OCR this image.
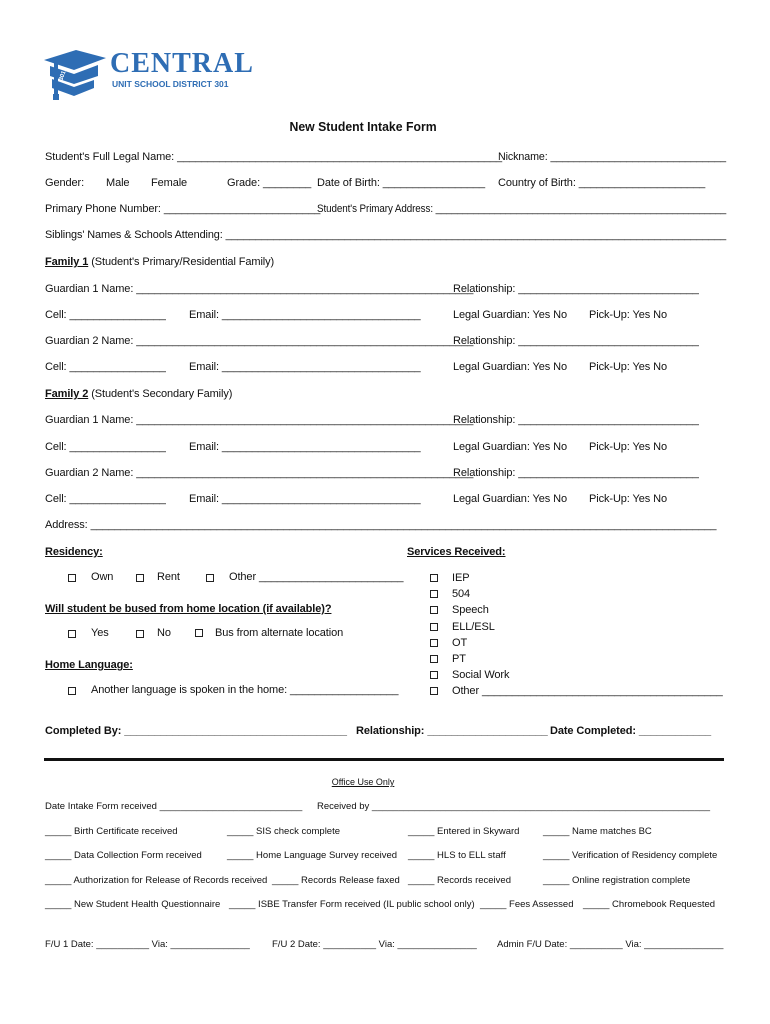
301 CENTRAL
UNIT SCHOOL DISTRICT 301
New Student Intake Form
Student's Full Legal Name: ______________________________________________________
Nickname: ______________________________
Gender: Male Female	Grade: ________ Date of Birth: _________________ Country of Birth: _____________________
Primary Phone Number: __________________________
Student's Primary Address: ______________________________________________________
Siblings' Names & Schools Attending: ____________________________________________________________________________________
Family 1 (Student's Primary/Residential Family)
Guardian 1 Name: ________________________________________________________
Relationship: ______________________________
Cell: ________________ Email: _________________________________	Legal Guardian: Yes No Pick-Up: Yes No
Guardian 2 Name: ________________________________________________________
Relationship: ______________________________
Cell: ________________ Email: _________________________________	Legal Guardian: Yes No Pick-Up: Yes No
Family 2 (Student's Secondary Family)
Guardian 1 Name: ________________________________________________________
Relationship: ______________________________
Cell: ________________ Email: _________________________________	Legal Guardian: Yes No Pick-Up: Yes No
Guardian 2 Name: ________________________________________________________
Relationship: ______________________________
Cell: ________________ Email: _________________________________	Legal Guardian: Yes No Pick-Up: Yes No
Address: ________________________________________________________________________________________________________
Residency:
Own	Rent	Other ________________________
Will student be bused from home location (if available)?
Yes	No	Bus from alternate location
Home Language:
Another language is spoken in the home: __________________
Services Received:
IEP
504
Speech
ELL/ESL
OT
PT
Social Work
Other ________________________________________
Completed By: _____________________________________ Relationship: ____________________ Date Completed: ____________
Office Use Only
Date Intake Form received ___________________________ Received by ________________________________________________________________
_____ Birth Certificate received	_____ SIS check complete	_____ Entered in Skyward _____ Name matches BC
_____ Data Collection Form received	_____ Home Language Survey received _____ HLS to ELL staff	_____ Verification of Residency complete
_____ Authorization for Release of Records received _____ Records Release faxed _____ Records received	_____ Online registration complete
_____ New Student Health Questionnaire _____ ISBE Transfer Form received (IL public school only) _____ Fees Assessed _____ Chromebook Requested
F/U 1 Date: __________ Via: _______________ F/U 2 Date: __________ Via: _______________ Admin F/U Date: __________ Via: _______________
